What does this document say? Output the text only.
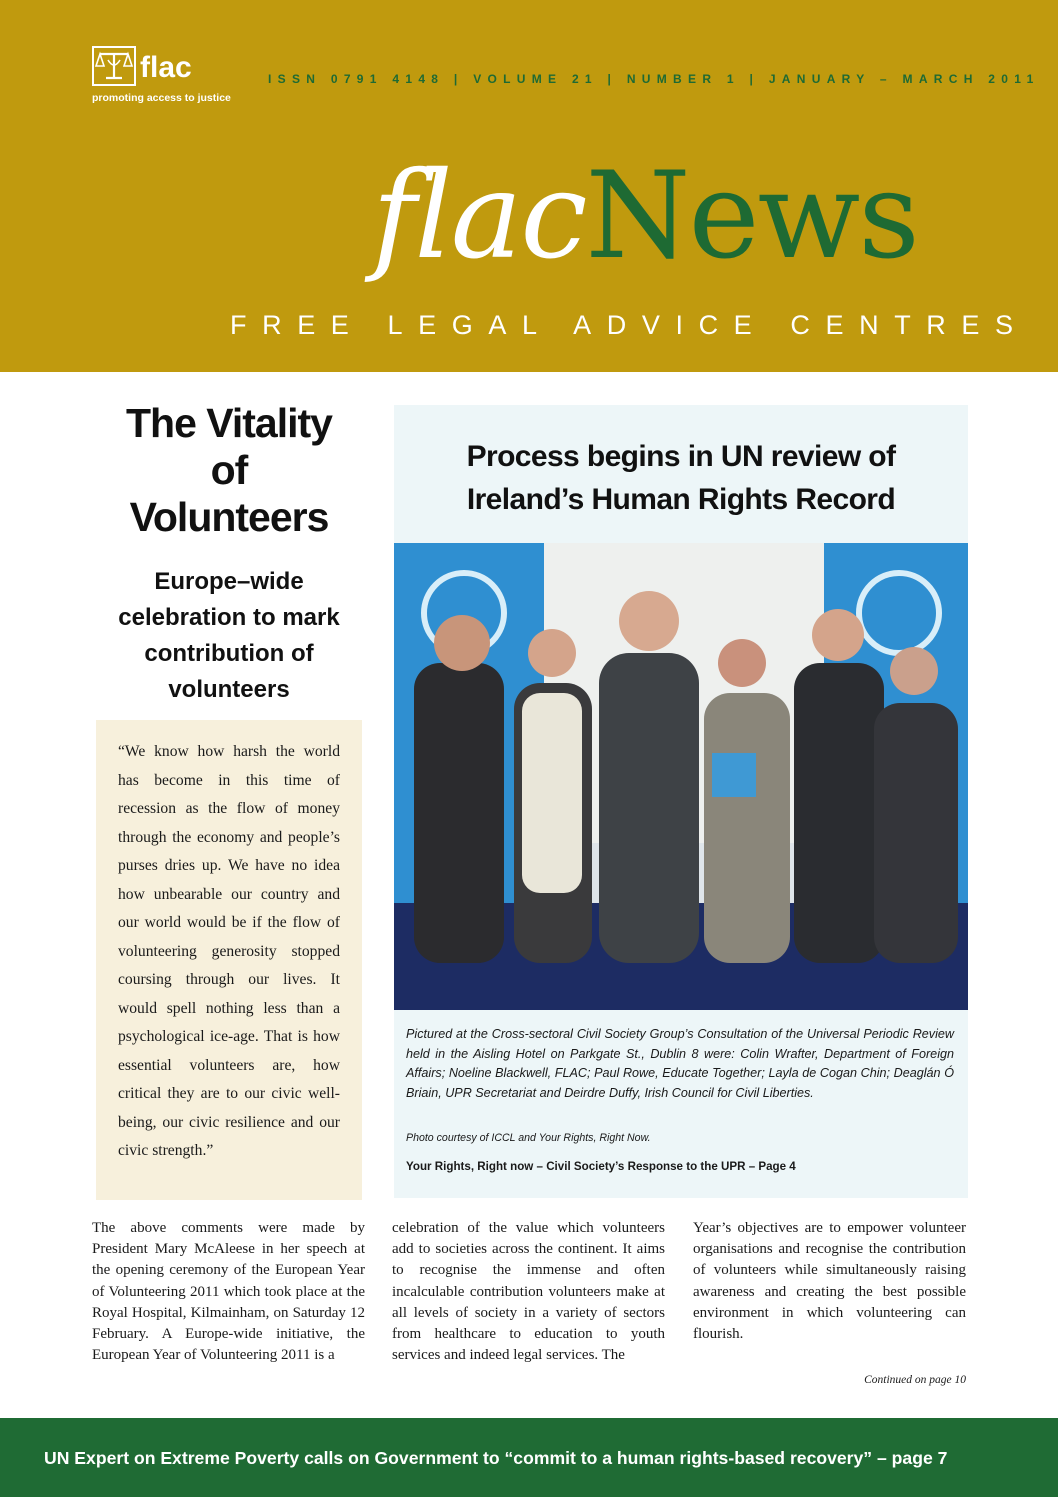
flac
promoting access to justice
ISSN 0791 4148 | VOLUME 21 | NUMBER 1 | JANUARY – MARCH 2011
flacNews
FREE LEGAL ADVICE CENTRES
The Vitality
of
Volunteers
Europe–wide celebration to mark contribution of volunteers
“We know how harsh the world has become in this time of recession as the flow of money through the economy and people’s purses dries up. We have no idea how unbearable our country and our world would be if the flow of volunteering generosity stopped coursing through our lives. It would spell nothing less than a psychological ice-age. That is how essential volunteers are, how critical they are to our civic well-being, our civic resilience and our civic strength.”
Process begins in UN review of
Ireland’s Human Rights Record
Pictured at the Cross-sectoral Civil Society Group’s Consultation of the Universal Periodic Review held in the Aisling Hotel on Parkgate St., Dublin 8 were: Colin Wrafter, Department of Foreign Affairs; Noeline Blackwell, FLAC; Paul Rowe, Educate Together; Layla de Cogan Chin; Deaglán Ó Briain, UPR Secretariat and Deirdre Duffy, Irish Council for Civil Liberties.
Photo courtesy of ICCL and Your Rights, Right Now.
Your Rights, Right now – Civil Society’s Response to the UPR – Page 4
The above comments were made by President Mary McAleese in her speech at the opening ceremony of the European Year of Volunteering 2011 which took place at the Royal Hospital, Kilmainham, on Saturday 12 February. A Europe-wide initiative, the European Year of Volunteering 2011 is a
celebration of the value which volunteers add to societies across the continent. It aims to recognise the immense and often incalculable contribution volunteers make at all levels of society in a variety of sectors from healthcare to education to youth services and indeed legal services. The
Year’s objectives are to empower volunteer organisations and recognise the contribution of volunteers while simultaneously raising awareness and creating the best possible environment in which volunteering can flourish.
Continued on page 10
UN Expert on Extreme Poverty calls on Government to “commit to a human rights-based recovery” – page 7
